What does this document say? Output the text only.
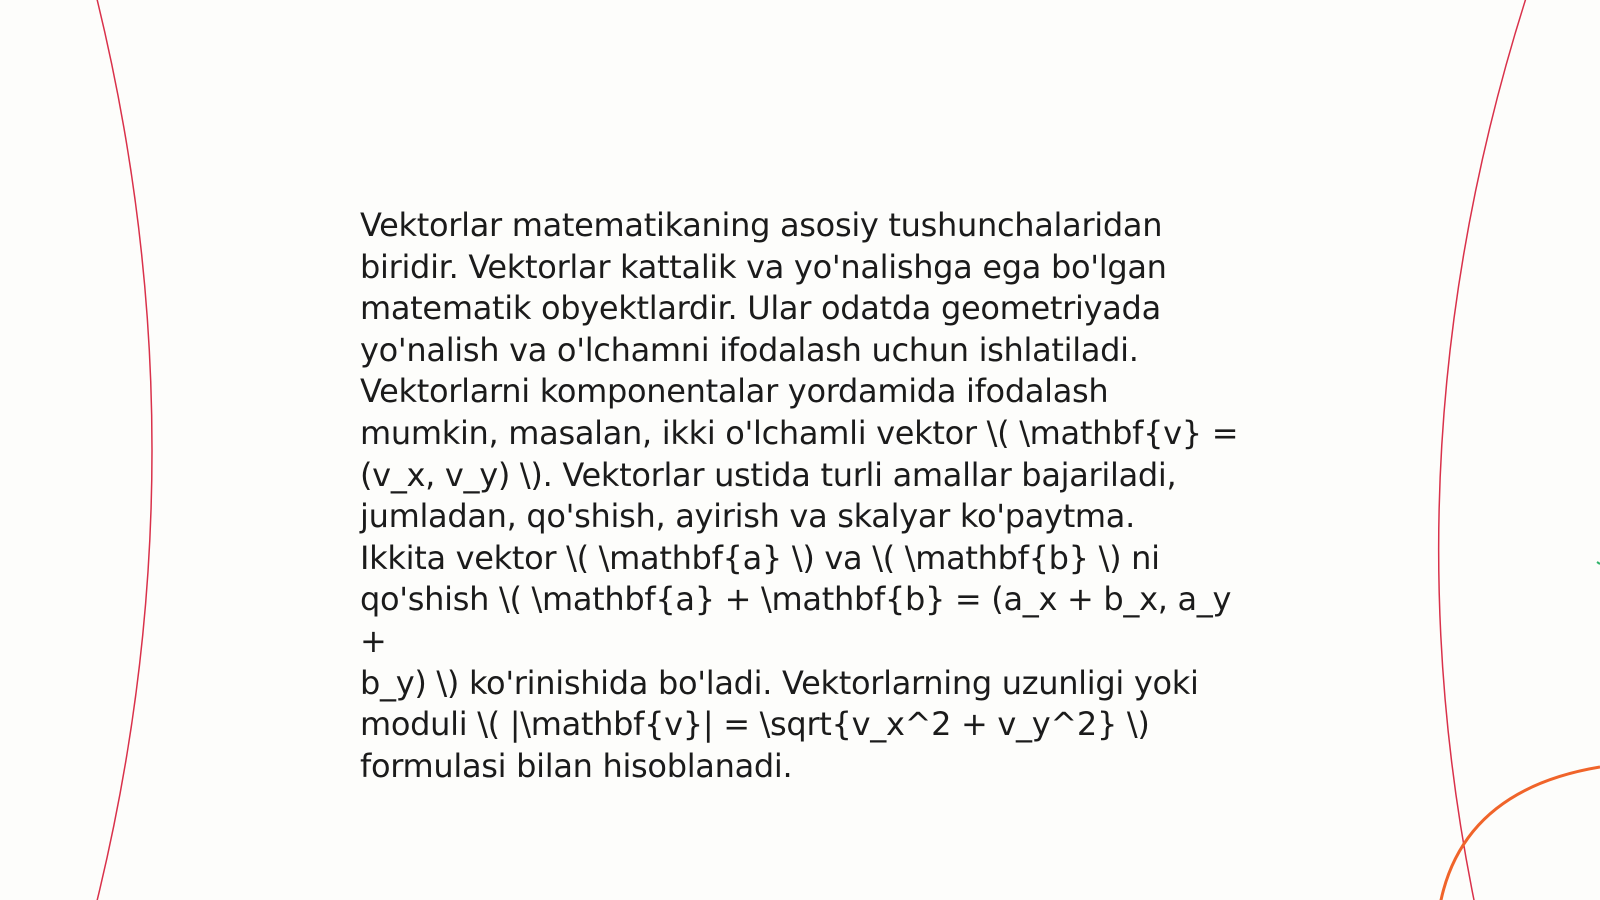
Vektorlar matematikaning asosiy tushunchalaridan
biridir. Vektorlar kattalik va yo'nalishga ega bo'lgan
matematik obyektlardir. Ular odatda geometriyada
yo'nalish va o'lchamni ifodalash uchun ishlatiladi.
Vektorlarni komponentalar yordamida ifodalash
mumkin, masalan, ikki o'lchamli vektor \( \mathbf{v} =
(v_x, v_y) \). Vektorlar ustida turli amallar bajariladi,
jumladan, qo'shish, ayirish va skalyar ko'paytma.
Ikkita vektor \( \mathbf{a} \) va \( \mathbf{b} \) ni
qo'shish \( \mathbf{a} + \mathbf{b} = (a_x + b_x, a_y +
b_y) \) ko'rinishida bo'ladi. Vektorlarning uzunligi yoki
moduli \( |\mathbf{v}| = \sqrt{v_x^2 + v_y^2} \)
formulasi bilan hisoblanadi.
